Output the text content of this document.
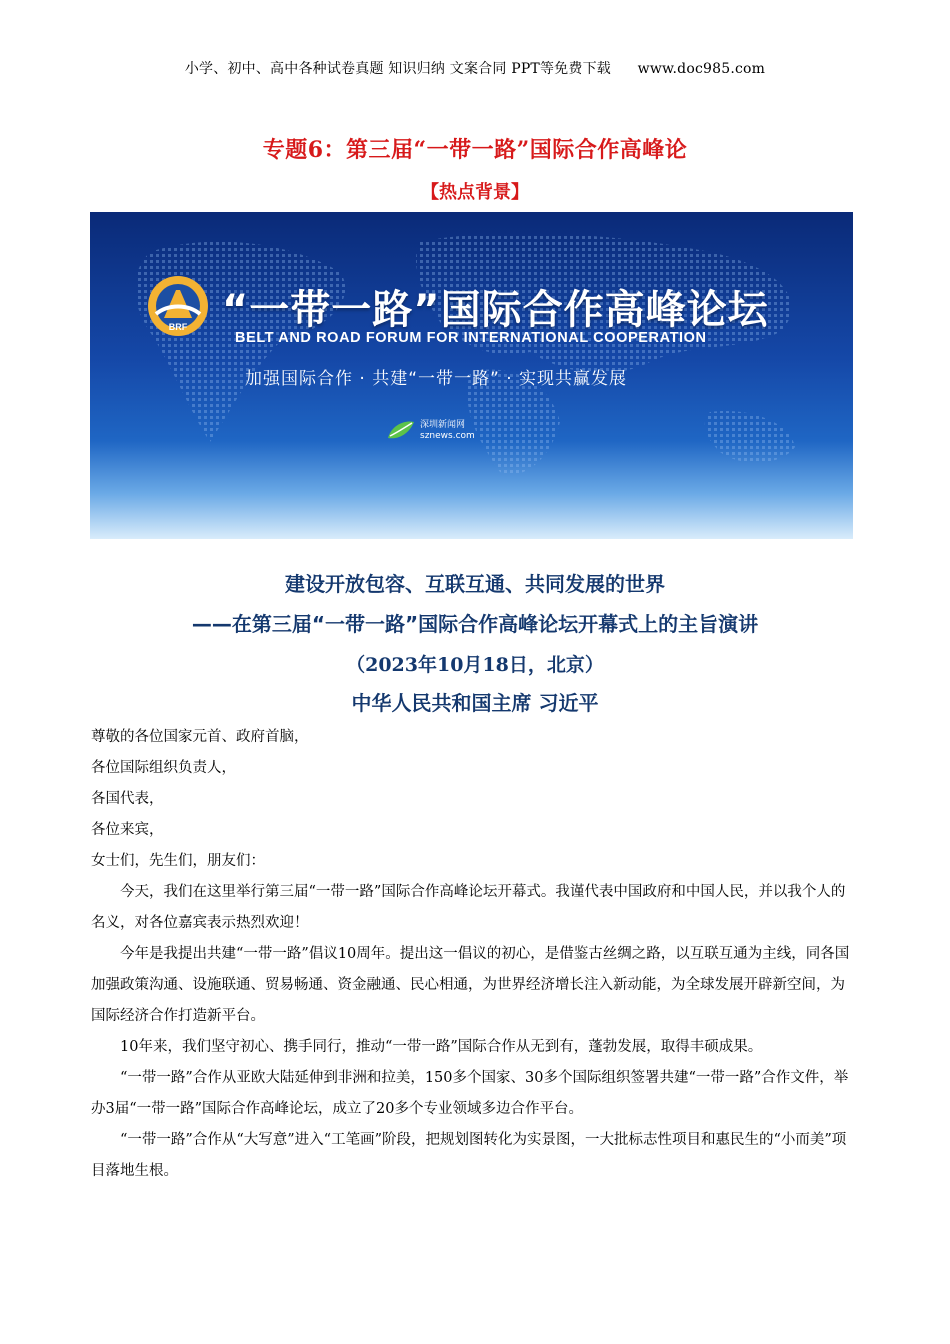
小学、初中、高中各种试卷真题 知识归纳 文案合同 PPT等免费下载 www.doc985.com
专题6：第三届“一带一路”国际合作高峰论
【热点背景】
BRF “一带一路”国际合作高峰论坛
BELT AND ROAD FORUM FOR INTERNATIONAL COOPERATION
加强国际合作 · 共建“一带一路” · 实现共赢发展
深圳新闻网
sznews.com
建设开放包容、互联互通、共同发展的世界
——在第三届“一带一路”国际合作高峰论坛开幕式上的主旨演讲
（2023年10月18日，北京）
中华人民共和国主席 习近平

尊敬的各位国家元首、政府首脑，

各位国际组织负责人，

各国代表，

各位来宾，

女士们，先生们，朋友们：

今天，我们在这里举行第三届“一带一路”国际合作高峰论坛开幕式。我谨代表中国政府和中国人民，并以我个人的名义，对各位嘉宾表示热烈欢迎！

今年是我提出共建“一带一路”倡议10周年。提出这一倡议的初心，是借鉴古丝绸之路，以互联互通为主线，同各国加强政策沟通、设施联通、贸易畅通、资金融通、民心相通，为世界经济增长注入新动能，为全球发展开辟新空间，为国际经济合作打造新平台。

10年来，我们坚守初心、携手同行，推动“一带一路”国际合作从无到有，蓬勃发展，取得丰硕成果。

“一带一路”合作从亚欧大陆延伸到非洲和拉美，150多个国家、30多个国际组织签署共建“一带一路”合作文件，举办3届“一带一路”国际合作高峰论坛，成立了20多个专业领域多边合作平台。

“一带一路”合作从“大写意”进入“工笔画”阶段，把规划图转化为实景图，一大批标志性项目和惠民生的“小而美”项目落地生根。
